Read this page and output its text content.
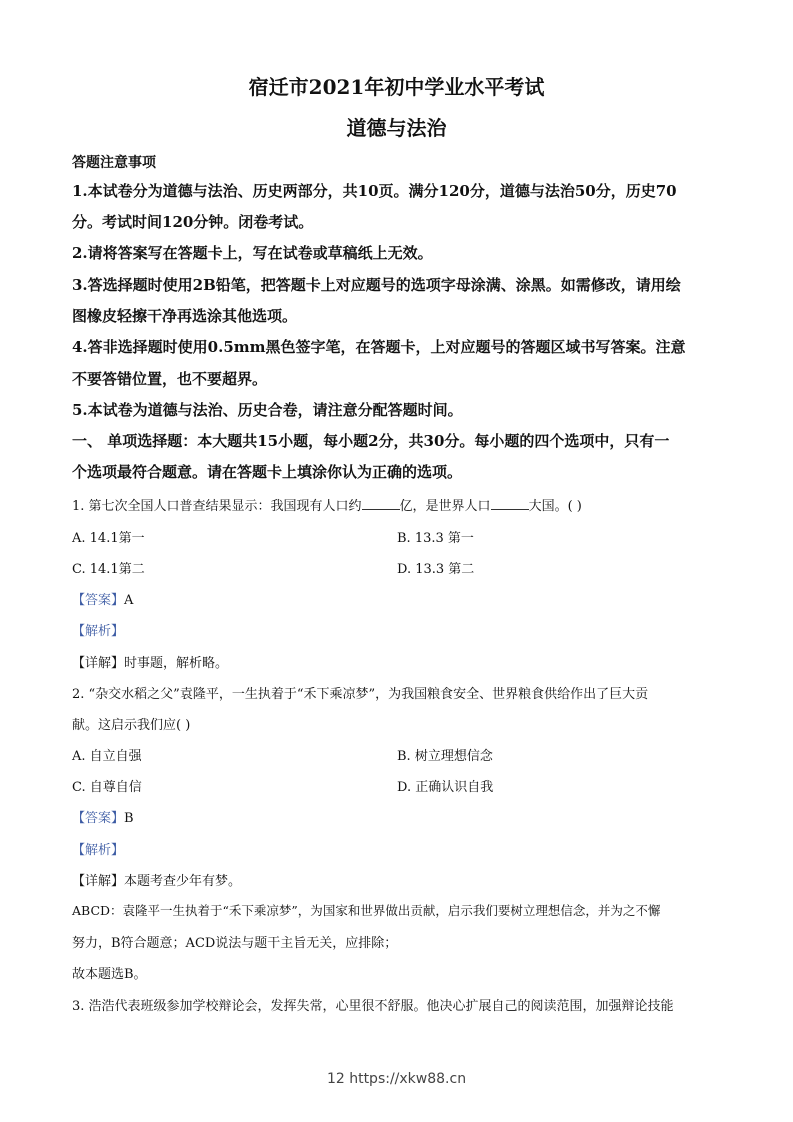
宿迁市2021年初中学业水平考试
道德与法治
答题注意事项
1.本试卷分为道德与法治、历史两部分，共10页。满分120分，道德与法治50分，历史70
分。考试时间120分钟。闭卷考试。
2.请将答案写在答题卡上，写在试卷或草稿纸上无效。
3.答选择题时使用2B铅笔，把答题卡上对应题号的选项字母涂满、涂黑。如需修改，请用绘
图橡皮轻擦干净再选涂其他选项。
4.答非选择题时使用0.5mm黑色签字笔，在答题卡，上对应题号的答题区域书写答案。注意
不要答错位置，也不要超界。
5.本试卷为道德与法治、历史合卷，请注意分配答题时间。
一、 单项选择题：本大题共15小题，每小题2分，共30分。每小题的四个选项中，只有一
个选项最符合题意。请在答题卡上填涂你认为正确的选项。
1. 第七次全国人口普查结果显示：我国现有人口约	亿，是世界人口	大国。( )
A. 14.1第一	B. 13.3 第一
C. 14.1第二	D. 13.3 第二
【答案】A
【解析】
【详解】时事题，解析略。
2. “杂交水稻之父”袁隆平，一生执着于“禾下乘凉梦”，为我国粮食安全、世界粮食供给作出了巨大贡
献。这启示我们应( )
A. 自立自强	B. 树立理想信念
C. 自尊自信	D. 正确认识自我
【答案】B
【解析】
【详解】本题考查少年有梦。
ABCD：袁隆平一生执着于“禾下乘凉梦”，为国家和世界做出贡献，启示我们要树立理想信念，并为之不懈
努力，B符合题意；ACD说法与题干主旨无关，应排除；
故本题选B。
3. 浩浩代表班级参加学校辩论会，发挥失常，心里很不舒服。他决心扩展自己的阅读范围，加强辩论技能
12 https://xkw88.cn
